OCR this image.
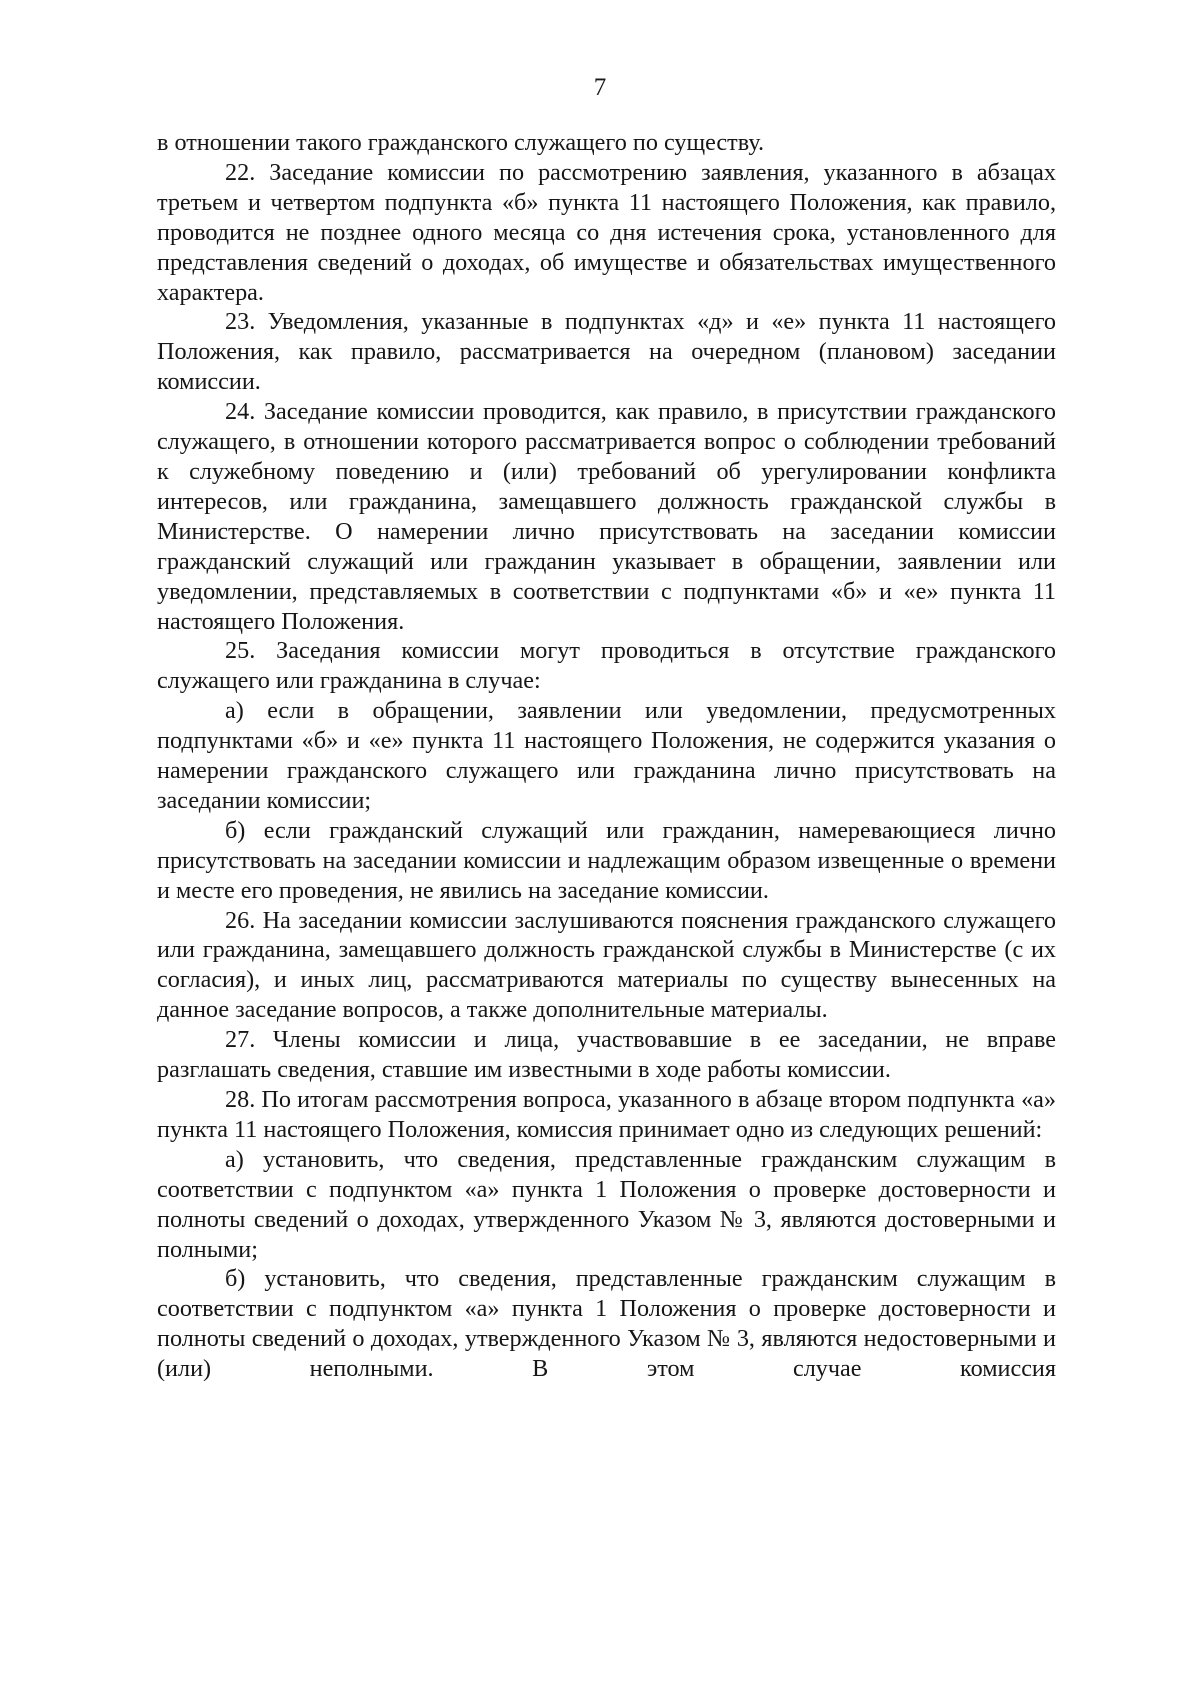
7

в отношении такого гражданского служащего по существу.

22. Заседание комиссии по рассмотрению заявления, указанного в абзацах третьем и четвертом подпункта «б» пункта 11 настоящего Положения, как правило, проводится не позднее одного месяца со дня истечения срока, установленного для представления сведений о доходах, об имуществе и обязательствах имущественного характера.

23. Уведомления, указанные в подпунктах «д» и «е» пункта 11 настоящего Положения, как правило, рассматривается на очередном (плановом) заседании комиссии.

24. Заседание комиссии проводится, как правило, в присутствии гражданского служащего, в отношении которого рассматривается вопрос о соблюдении требований к служебному поведению и (или) требований об урегулировании конфликта интересов, или гражданина, замещавшего должность гражданской службы в Министерстве. О намерении лично присутствовать на заседании комиссии гражданский служащий или гражданин указывает в обращении, заявлении или уведомлении, представляемых в соответствии с подпунктами «б» и «е» пункта 11 настоящего Положения.

25. Заседания комиссии могут проводиться в отсутствие гражданского служащего или гражданина в случае:

а) если в обращении, заявлении или уведомлении, предусмотренных подпунктами «б» и «е» пункта 11 настоящего Положения, не содержится указания о намерении гражданского служащего или гражданина лично присутствовать на заседании комиссии;

б) если гражданский служащий или гражданин, намеревающиеся лично присутствовать на заседании комиссии и надлежащим образом извещенные о времени и месте его проведения, не явились на заседание комиссии.

26. На заседании комиссии заслушиваются пояснения гражданского служащего или гражданина, замещавшего должность гражданской службы в Министерстве (с их согласия), и иных лиц, рассматриваются материалы по существу вынесенных на данное заседание вопросов, а также дополнительные материалы.

27. Члены комиссии и лица, участвовавшие в ее заседании, не вправе разглашать сведения, ставшие им известными в ходе работы комиссии.

28. По итогам рассмотрения вопроса, указанного в абзаце втором подпункта «а» пункта 11 настоящего Положения, комиссия принимает одно из следующих решений:

а) установить, что сведения, представленные гражданским служащим в соответствии с подпунктом «а» пункта 1 Положения о проверке достоверности и полноты сведений о доходах, утвержденного Указом № 3, являются достоверными и полными;

б) установить, что сведения, представленные гражданским служащим в соответствии с подпунктом «а» пункта 1 Положения о проверке достоверности и полноты сведений о доходах, утвержденного Указом № 3, являются недостоверными и (или) неполными. В этом случае комиссия
